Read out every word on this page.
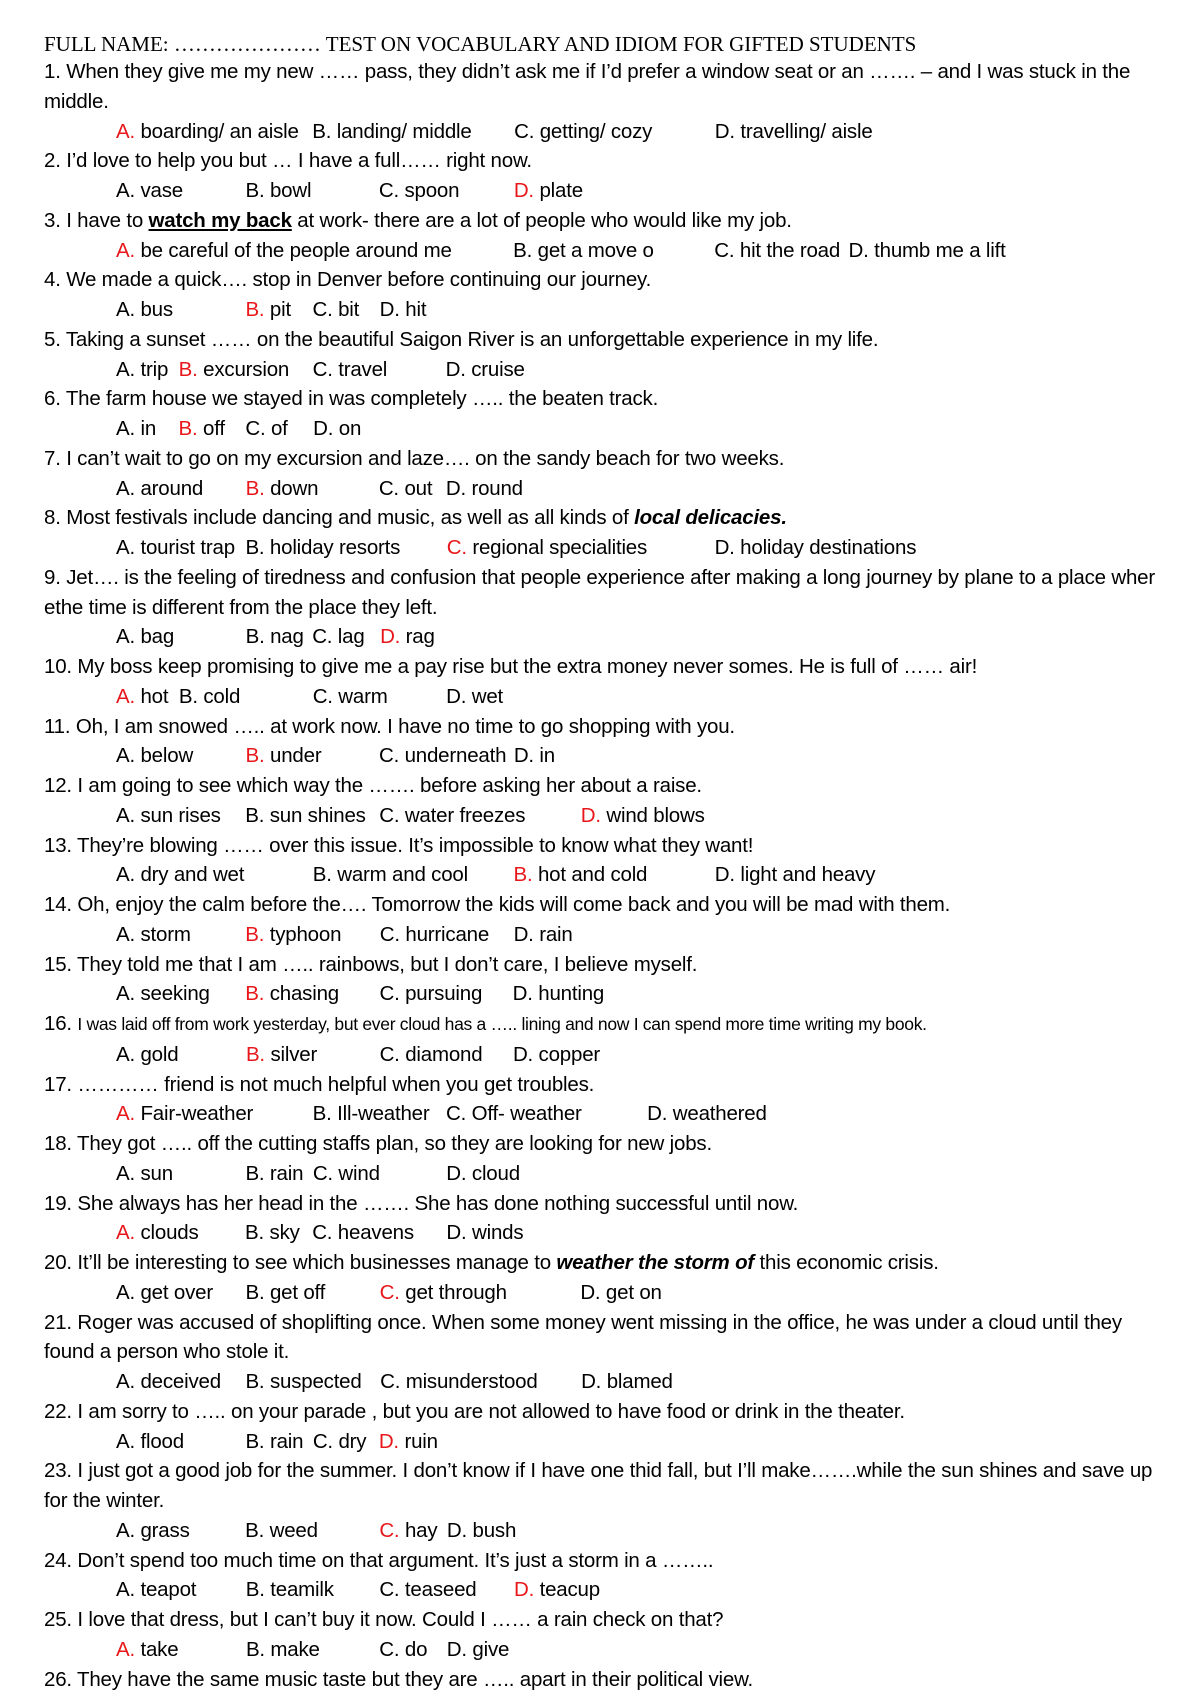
FULL NAME: ………………… TEST ON VOCABULARY AND IDIOM FOR GIFTED STUDENTS

1. When they give me my new …… pass, they didn’t ask me if I’d prefer a window seat or an ……. – and I was stuck in the middle.

A. boarding/ an aisle B. landing/ middle C. getting/ cozy	D. travelling/ aisle

2. I’d love to help you but … I have a full…… right now.

A. vase	B. bowl	C. spoon	D. plate

3. I have to watch my back at work- there are a lot of people who would like my job.

A. be careful of the people around me	B. get a move o	C. hit the road D. thumb me a lift

4. We made a quick…. stop in Denver before continuing our journey.

A. bus	B. pit C. bit D. hit

5. Taking a sunset …… on the beautiful Saigon River is an unforgettable experience in my life.

A. trip B. excursion C. travel	D. cruise

6. The farm house we stayed in was completely ….. the beaten track.

A. in B. off C. of D. on

7. I can’t wait to go on my excursion and laze…. on the sandy beach for two weeks.

A. around B. down	C. out D. round

8. Most festivals include dancing and music, as well as all kinds of local delicacies.

A. tourist trap B. holiday resorts C. regional specialities	D. holiday destinations

9. Jet…. is the feeling of tiredness and confusion that people experience after making a long journey by plane to a place wher ethe time is different from the place they left.

A. bag	B. nag C. lag D. rag

10. My boss keep promising to give me a pay rise but the extra money never somes. He is full of …… air!

A. hot B. cold	C. warm	D. wet

11. Oh, I am snowed ….. at work now. I have no time to go shopping with you.

A. below	B. under	C. underneath D. in

12. I am going to see which way the ……. before asking her about a raise.

A. sun rises B. sun shines C. water freezes	D. wind blows

13. They’re blowing …… over this issue. It’s impossible to know what they want!

A. dry and wet	B. warm and cool B. hot and cold	D. light and heavy

14. Oh, enjoy the calm before the…. Tomorrow the kids will come back and you will be mad with them.

A. storm	B. typhoon C. hurricane D. rain

15. They told me that I am ….. rainbows, but I don’t care, I believe myself.

A. seeking B. chasing C. pursuing D. hunting

16. I was laid off from work yesterday, but ever cloud has a ….. lining and now I can spend more time writing my book.

A. gold	B. silver	C. diamond D. copper

17. ………… friend is not much helpful when you get troubles.

A. Fair-weather	B. Ill-weather C. Off- weather	D. weathered

18. They got ….. off the cutting staffs plan, so they are looking for new jobs.

A. sun	B. rain C. wind	D. cloud

19. She always has her head in the ……. She has done nothing successful until now.

A. clouds B. sky C. heavens D. winds

20. It’ll be interesting to see which businesses manage to weather the storm of this economic crisis.

A. get over B. get off	C. get through	D. get on

21. Roger was accused of shoplifting once. When some money went missing in the office, he was under a cloud until they found a person who stole it.

A. deceived B. suspected C. misunderstood D. blamed

22. I am sorry to ….. on your parade , but you are not allowed to have food or drink in the theater.

A. flood	B. rain C. dry D. ruin

23. I just got a good job for the summer. I don’t know if I have one thid fall, but I’ll make…….while the sun shines and save up for the winter.

A. grass	B. weed	C. hay D. bush

24. Don’t spend too much time on that argument. It’s just a storm in a ……..

A. teapot B. teamilk C. teaseed D. teacup

25. I love that dress, but I can’t buy it now. Could I …… a rain check on that?

A. take	B. make	C. do D. give

26. They have the same music taste but they are ….. apart in their political view.
